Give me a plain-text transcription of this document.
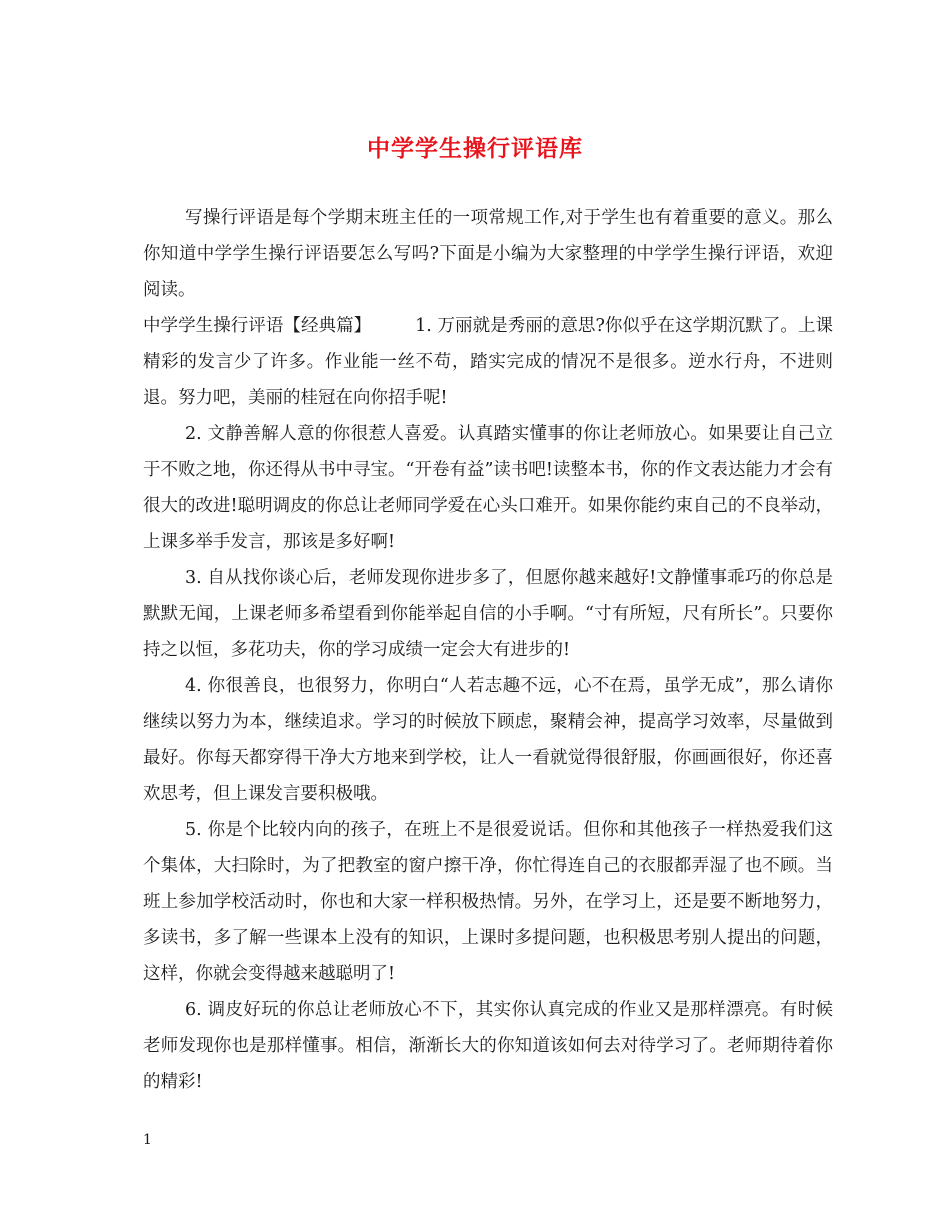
中学学生操行评语库

写操行评语是每个学期末班主任的一项常规工作,对于学生也有着重要的意义。那么你知道中学学生操行评语要怎么写吗?下面是小编为大家整理的中学学生操行评语，欢迎阅读。

中学学生操行评语【经典篇】	1. 万丽就是秀丽的意思?你似乎在这学期沉默了。上课精彩的发言少了许多。作业能一丝不苟，踏实完成的情况不是很多。逆水行舟，不进则退。努力吧，美丽的桂冠在向你招手呢!

2. 文静善解人意的你很惹人喜爱。认真踏实懂事的你让老师放心。如果要让自己立于不败之地，你还得从书中寻宝。“开卷有益”读书吧!读整本书，你的作文表达能力才会有很大的改进!聪明调皮的你总让老师同学爱在心头口难开。如果你能约束自己的不良举动，上课多举手发言，那该是多好啊!

3. 自从找你谈心后，老师发现你进步多了，但愿你越来越好!文静懂事乖巧的你总是默默无闻，上课老师多希望看到你能举起自信的小手啊。“寸有所短，尺有所长”。只要你持之以恒，多花功夫，你的学习成绩一定会大有进步的!

4. 你很善良，也很努力，你明白“人若志趣不远，心不在焉，虽学无成”，那么请你继续以努力为本，继续追求。学习的时候放下顾虑，聚精会神，提高学习效率，尽量做到最好。你每天都穿得干净大方地来到学校，让人一看就觉得很舒服，你画画很好，你还喜欢思考，但上课发言要积极哦。

5. 你是个比较内向的孩子，在班上不是很爱说话。但你和其他孩子一样热爱我们这个集体，大扫除时，为了把教室的窗户擦干净，你忙得连自己的衣服都弄湿了也不顾。当班上参加学校活动时，你也和大家一样积极热情。另外，在学习上，还是要不断地努力，多读书，多了解一些课本上没有的知识，上课时多提问题，也积极思考别人提出的问题，这样，你就会变得越来越聪明了!

6. 调皮好玩的你总让老师放心不下，其实你认真完成的作业又是那样漂亮。有时候老师发现你也是那样懂事。相信，渐渐长大的你知道该如何去对待学习了。老师期待着你的精彩!

1
